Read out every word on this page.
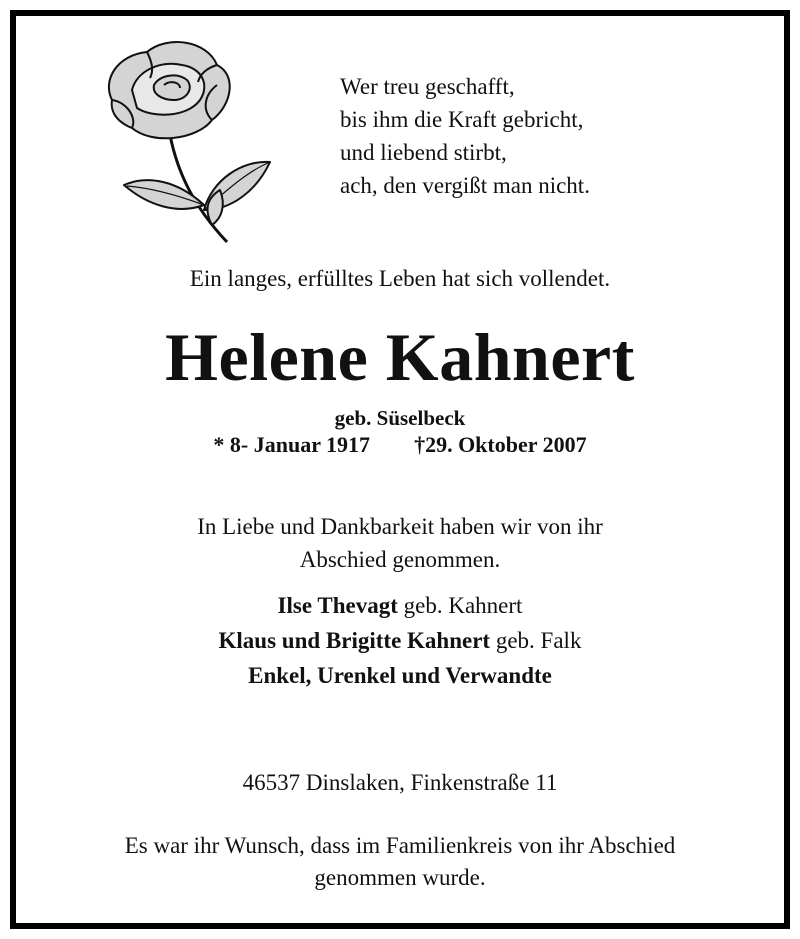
Wer treu geschafft,
bis ihm die Kraft gebricht,
und liebend stirbt,
ach, den vergißt man nicht.
Ein langes, erfülltes Leben hat sich vollendet.
Helene Kahnert
geb. Süselbeck
* 8- Januar 1917 †29. Oktober 2007
In Liebe und Dankbarkeit haben wir von ihr
Abschied genommen.
Ilse Thevagt geb. Kahnert
Klaus und Brigitte Kahnert geb. Falk
Enkel, Urenkel und Verwandte
46537 Dinslaken, Finkenstraße 11
Es war ihr Wunsch, dass im Familienkreis von ihr Abschied
genommen wurde.
